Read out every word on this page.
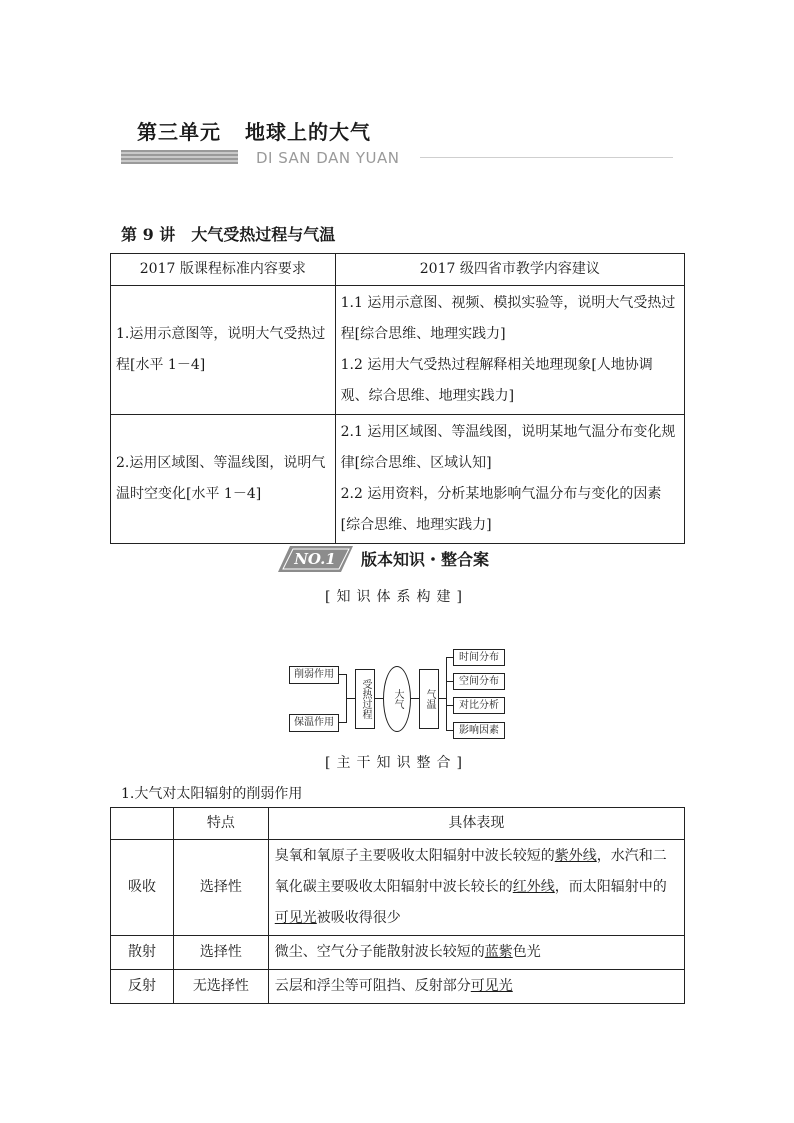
第三单元 地球上的大气
DI SAN DAN YUAN
第 9 讲 大气受热过程与气温
2017 版课程标准内容要求	2017 级四省市教学内容建议
1.运用示意图等，说明大气受热过程[水平 1－4]	1.1 运用示意图、视频、模拟实验等，说明大气受热过程[综合思维、地理实践力]
1.2 运用大气受热过程解释相关地理现象[人地协调观、综合思维、地理实践力]

2.运用区域图、等温线图，说明气温时空变化[水平 1－4]	2.1 运用区域图、等温线图，说明某地气温分布变化规律[综合思维、区域认知]
2.2 运用资料，分析某地影响气温分布与变化的因素[综合思维、地理实践力]
NO.1 版本知识・整合案
[知识体系构建]
削弱作用
保温作用
受热过程	大气	气温
时间分布
空间分布
对比分析
影响因素
[主干知识整合]
1.大气对太阳辐射的削弱作用
	特点	具体表现
吸收	选择性	臭氧和氧原子主要吸收太阳辐射中波长较短的紫外线，水汽和二氧化碳主要吸收太阳辐射中波长较长的红外线，而太阳辐射中的可见光被吸收得很少
散射	选择性	微尘、空气分子能散射波长较短的蓝紫色光
反射	无选择性	云层和浮尘等可阻挡、反射部分可见光
